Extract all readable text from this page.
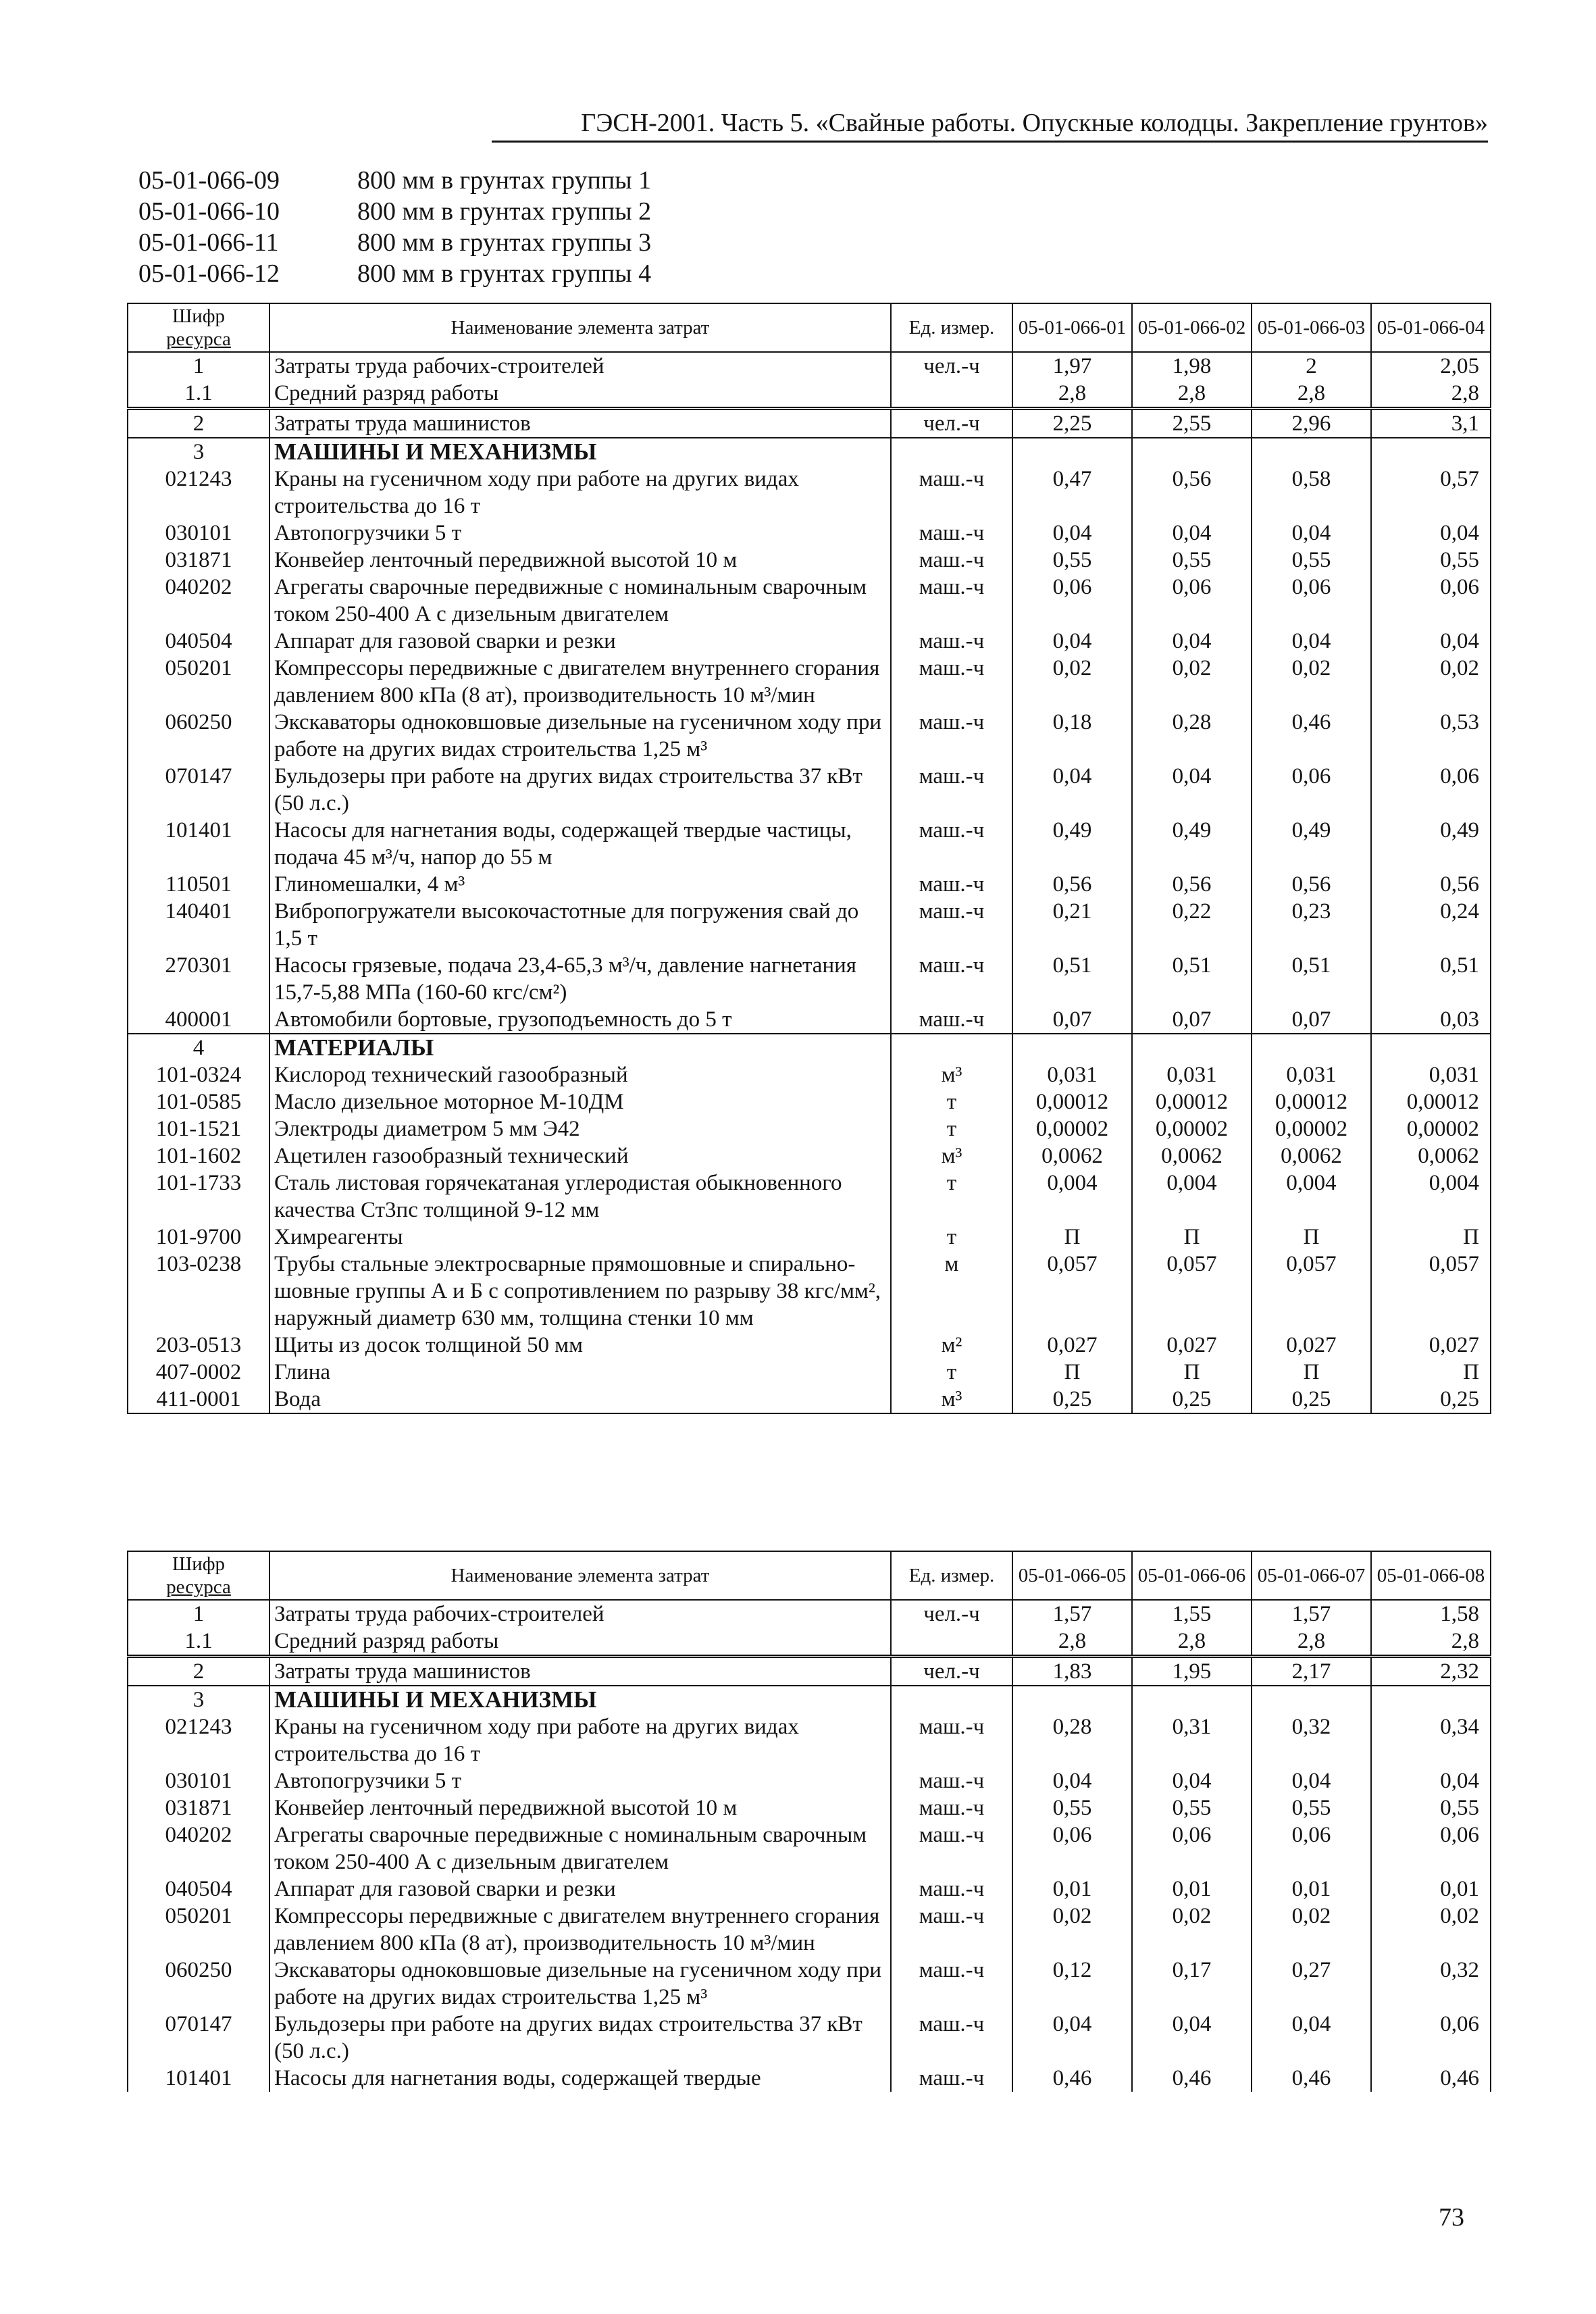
ГЭСН-2001. Часть 5. «Свайные работы. Опускные колодцы. Закрепление грунтов»
05-01-066-09	800 мм в грунтах группы 1
05-01-066-10	800 мм в грунтах группы 2
05-01-066-11	800 мм в грунтах группы 3
05-01-066-12	800 мм в грунтах группы 4
Шифр
ресурса	Наименование элемента затрат	Ед. измер.	05-01-066-01	05-01-066-02	05-01-066-03	05-01-066-04
1	Затраты труда рабочих-строителей	чел.-ч	1,97	1,98	2	2,05
1.1	Средний разряд работы		2,8	2,8	2,8	2,8
2	Затраты труда машинистов	чел.-ч	2,25	2,55	2,96	3,1
3	МАШИНЫ И МЕХАНИЗМЫ					
021243	Краны на гусеничном ходу при работе на других видах строительства до 16 т	маш.-ч	0,47	0,56	0,58	0,57
030101	Автопогрузчики 5 т	маш.-ч	0,04	0,04	0,04	0,04
031871	Конвейер ленточный передвижной высотой 10 м	маш.-ч	0,55	0,55	0,55	0,55
040202	Агрегаты сварочные передвижные с номинальным сварочным током 250-400 А с дизельным двигателем	маш.-ч	0,06	0,06	0,06	0,06
040504	Аппарат для газовой сварки и резки	маш.-ч	0,04	0,04	0,04	0,04
050201	Компрессоры передвижные с двигателем внутреннего сгорания давлением 800 кПа (8 ат), производительность 10 м³/мин	маш.-ч	0,02	0,02	0,02	0,02
060250	Экскаваторы одноковшовые дизельные на гусеничном ходу при работе на других видах строительства 1,25 м³	маш.-ч	0,18	0,28	0,46	0,53
070147	Бульдозеры при работе на других видах строительства 37 кВт (50 л.с.)	маш.-ч	0,04	0,04	0,06	0,06
101401	Насосы для нагнетания воды, содержащей твердые частицы, подача 45 м³/ч, напор до 55 м	маш.-ч	0,49	0,49	0,49	0,49
110501	Глиномешалки, 4 м³	маш.-ч	0,56	0,56	0,56	0,56
140401	Вибропогружатели высокочастотные для погружения свай до 1,5 т	маш.-ч	0,21	0,22	0,23	0,24
270301	Насосы грязевые, подача 23,4-65,3 м³/ч, давление нагнетания 15,7-5,88 МПа (160-60 кгс/см²)	маш.-ч	0,51	0,51	0,51	0,51
400001	Автомобили бортовые, грузоподъемность до 5 т	маш.-ч	0,07	0,07	0,07	0,03
4	МАТЕРИАЛЫ					
101-0324	Кислород технический газообразный	м³	0,031	0,031	0,031	0,031
101-0585	Масло дизельное моторное М-10ДМ	т	0,00012	0,00012	0,00012	0,00012
101-1521	Электроды диаметром 5 мм Э42	т	0,00002	0,00002	0,00002	0,00002
101-1602	Ацетилен газообразный технический	м³	0,0062	0,0062	0,0062	0,0062
101-1733	Сталь листовая горячекатаная углеродистая обыкновенного качества Ст3пс толщиной 9-12 мм	т	0,004	0,004	0,004	0,004
101-9700	Химреагенты	т	П	П	П	П
103-0238	Трубы стальные электросварные прямошовные и спирально-шовные группы А и Б с сопротивлением по разрыву 38 кгс/мм², наружный диаметр 630 мм, толщина стенки 10 мм	м	0,057	0,057	0,057	0,057
203-0513	Щиты из досок толщиной 50 мм	м²	0,027	0,027	0,027	0,027
407-0002	Глина	т	П	П	П	П
411-0001	Вода	м³	0,25	0,25	0,25	0,25
Шифр
ресурса	Наименование элемента затрат	Ед. измер.	05-01-066-05	05-01-066-06	05-01-066-07	05-01-066-08
1	Затраты труда рабочих-строителей	чел.-ч	1,57	1,55	1,57	1,58
1.1	Средний разряд работы		2,8	2,8	2,8	2,8
2	Затраты труда машинистов	чел.-ч	1,83	1,95	2,17	2,32
3	МАШИНЫ И МЕХАНИЗМЫ					
021243	Краны на гусеничном ходу при работе на других видах строительства до 16 т	маш.-ч	0,28	0,31	0,32	0,34
030101	Автопогрузчики 5 т	маш.-ч	0,04	0,04	0,04	0,04
031871	Конвейер ленточный передвижной высотой 10 м	маш.-ч	0,55	0,55	0,55	0,55
040202	Агрегаты сварочные передвижные с номинальным сварочным током 250-400 А с дизельным двигателем	маш.-ч	0,06	0,06	0,06	0,06
040504	Аппарат для газовой сварки и резки	маш.-ч	0,01	0,01	0,01	0,01
050201	Компрессоры передвижные с двигателем внутреннего сгорания давлением 800 кПа (8 ат), производительность 10 м³/мин	маш.-ч	0,02	0,02	0,02	0,02
060250	Экскаваторы одноковшовые дизельные на гусеничном ходу при работе на других видах строительства 1,25 м³	маш.-ч	0,12	0,17	0,27	0,32
070147	Бульдозеры при работе на других видах строительства 37 кВт (50 л.с.)	маш.-ч	0,04	0,04	0,04	0,06
101401	Насосы для нагнетания воды, содержащей твердые	маш.-ч	0,46	0,46	0,46	0,46
73
